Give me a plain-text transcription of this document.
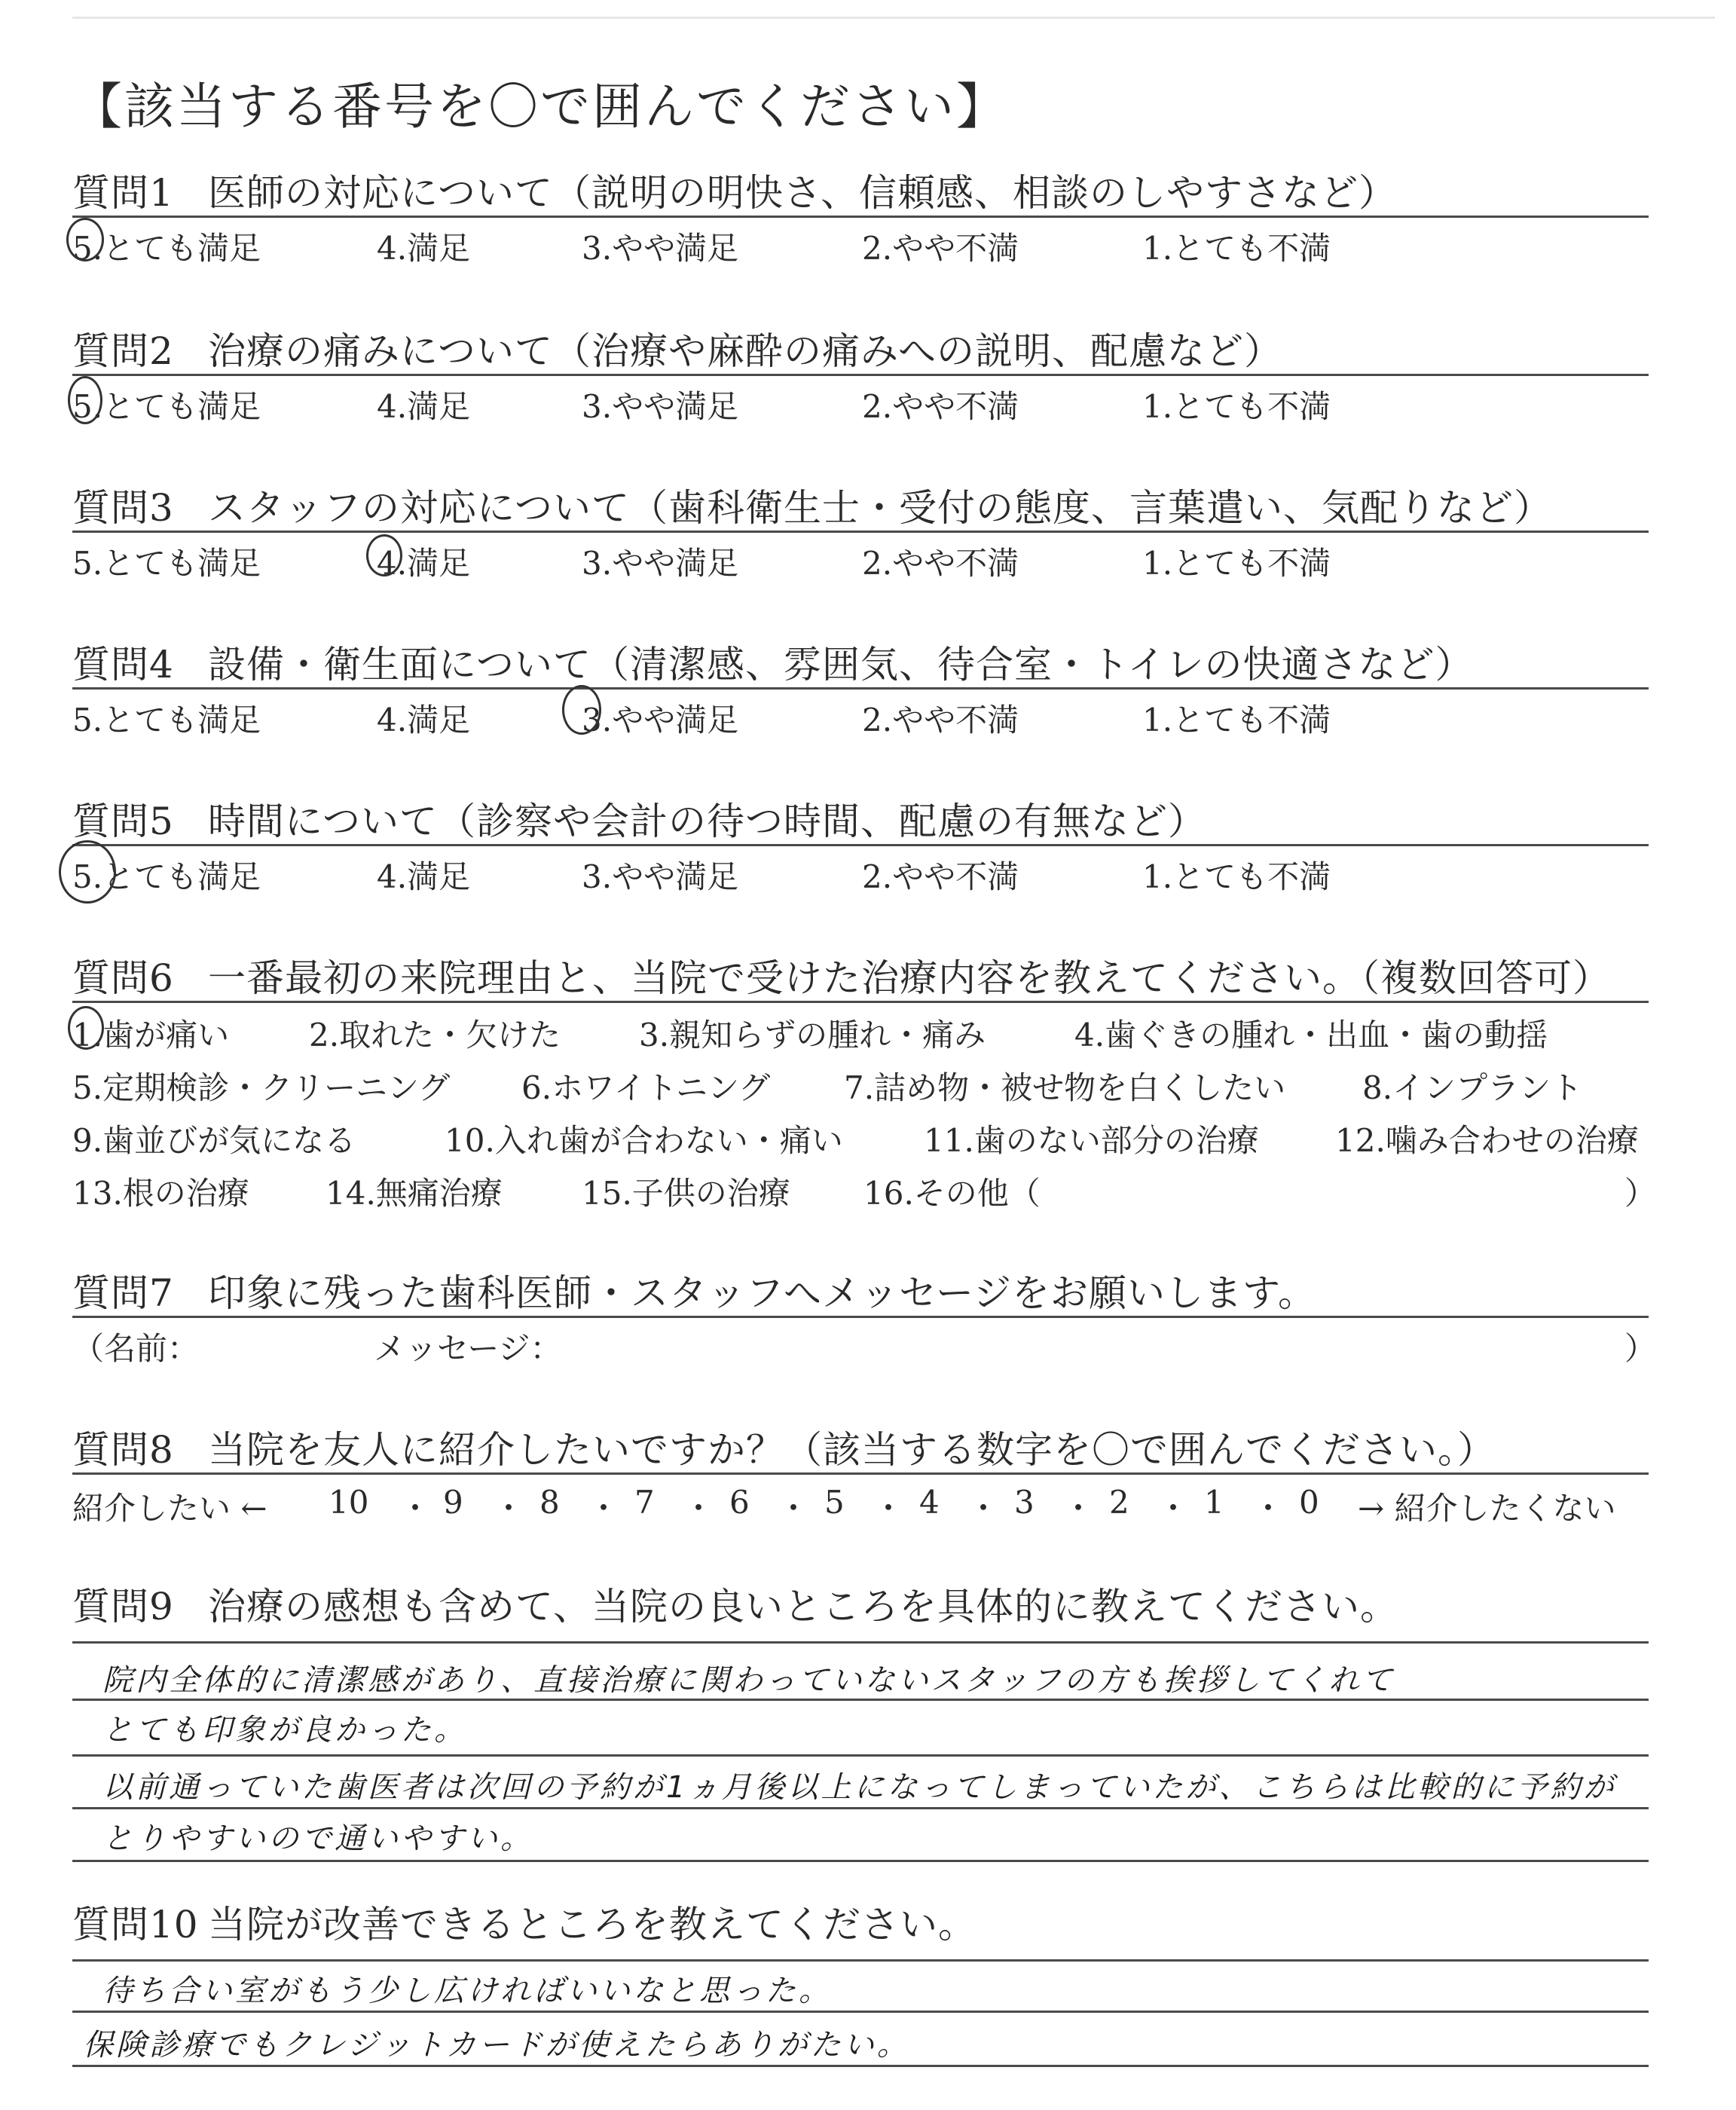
【該当する番号を〇で囲んでください】
質問1 医師の対応について（説明の明快さ、信頼感、相談のしやすさなど）
5.とても満足	4.満足	3.やや満足	2.やや不満	1.とても不満
質問2 治療の痛みについて（治療や麻酔の痛みへの説明、配慮など）
5.とても満足	4.満足	3.やや満足	2.やや不満	1.とても不満
質問3 スタッフの対応について（歯科衛生士・受付の態度、言葉遣い、気配りなど）
5.とても満足	4.満足	3.やや満足	2.やや不満	1.とても不満
質問4 設備・衛生面について（清潔感、雰囲気、待合室・トイレの快適さなど）
5.とても満足	4.満足	3.やや満足	2.やや不満	1.とても不満
質問5 時間について（診察や会計の待つ時間、配慮の有無など）
5.とても満足	4.満足	3.やや満足	2.やや不満	1.とても不満
質問6 一番最初の来院理由と、当院で受けた治療内容を教えてください。（複数回答可）
1.歯が痛い	2.取れた・欠けた 3.親知らずの腫れ・痛み	4.歯ぐきの腫れ・出血・歯の動揺
5.定期検診・クリーニング 6.ホワイトニング 7.詰め物・被せ物を白くしたい 8.インプラント
9.歯並びが気になる	10.入れ歯が合わない・痛い	11.歯のない部分の治療 12.噛み合わせの治療
13.根の治療 14.無痛治療	15.子供の治療 16.その他（	）
質問7 印象に残った歯科医師・スタッフへメッセージをお願いします。
（名前：	メッセージ：	）
質問8 当院を友人に紹介したいですか？（該当する数字を〇で囲んでください。）
紹介したい ← 10 ・ 9 ・ 8 ・ 7 ・ 6 ・ 5 ・ 4 ・ 3 ・ 2 ・ 1 ・ 0 → 紹介したくない
質問9 治療の感想も含めて、当院の良いところを具体的に教えてください。
院内全体的に清潔感があり、直接治療に関わっていないスタッフの方も挨拶してくれて
とても印象が良かった。
以前通っていた歯医者は次回の予約が1ヵ月後以上になってしまっていたが、こちらは比較的に予約が
とりやすいので通いやすい。
質問10 当院が改善できるところを教えてください。
待ち合い室がもう少し広ければいいなと思った。
保険診療でもクレジットカードが使えたらありがたい。
